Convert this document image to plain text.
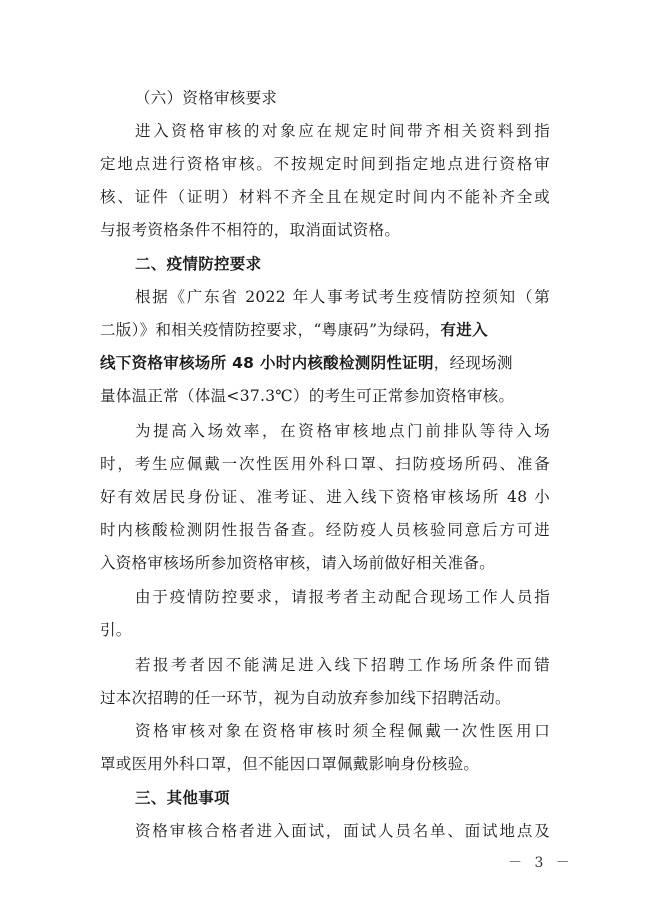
（六）资格审核要求
进入资格审核的对象应在规定时间带齐相关资料到指
定地点进行资格审核。不按规定时间到指定地点进行资格审
核、证件（证明）材料不齐全且在规定时间内不能补齐全或
与报考资格条件不相符的，取消面试资格。
二、疫情防控要求
根据《广东省 2022 年人事考试考生疫情防控须知（第
二版）》和相关疫情防控要求，“粤康码”为绿码，有进入
线下资格审核场所 48 小时内核酸检测阴性证明，经现场测
量体温正常（体温<37.3℃）的考生可正常参加资格审核。
为提高入场效率，在资格审核地点门前排队等待入场
时，考生应佩戴一次性医用外科口罩、扫防疫场所码、准备
好有效居民身份证、准考证、进入线下资格审核场所 48 小
时内核酸检测阴性报告备查。经防疫人员核验同意后方可进
入资格审核场所参加资格审核，请入场前做好相关准备。
由于疫情防控要求，请报考者主动配合现场工作人员指
引。
若报考者因不能满足进入线下招聘工作场所条件而错
过本次招聘的任一环节，视为自动放弃参加线下招聘活动。
资格审核对象在资格审核时须全程佩戴一次性医用口
罩或医用外科口罩，但不能因口罩佩戴影响身份核验。
三、其他事项
资格审核合格者进入面试，面试人员名单、面试地点及
－ 3 －
